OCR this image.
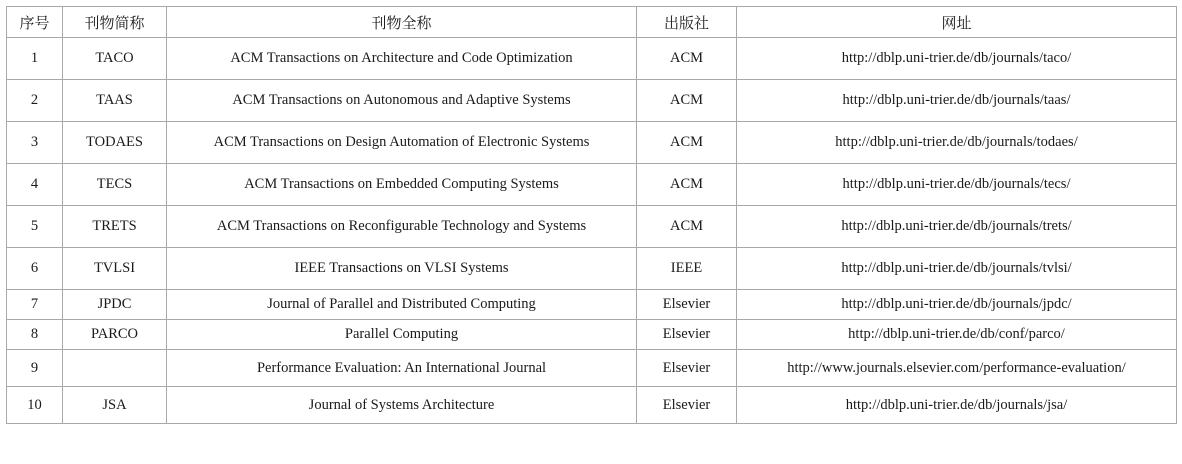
序号	刊物简称	刊物全称	出版社	网址
1	TACO	ACM Transactions on Architecture and Code Optimization	ACM	http://dblp.uni-trier.de/db/journals/taco/
2	TAAS	ACM Transactions on Autonomous and Adaptive Systems	ACM	http://dblp.uni-trier.de/db/journals/taas/
3	TODAES	ACM Transactions on Design Automation of Electronic Systems	ACM	http://dblp.uni-trier.de/db/journals/todaes/
4	TECS	ACM Transactions on Embedded Computing Systems	ACM	http://dblp.uni-trier.de/db/journals/tecs/
5	TRETS	ACM Transactions on Reconfigurable Technology and Systems	ACM	http://dblp.uni-trier.de/db/journals/trets/
6	TVLSI	IEEE Transactions on VLSI Systems	IEEE	http://dblp.uni-trier.de/db/journals/tvlsi/
7	JPDC	Journal of Parallel and Distributed Computing	Elsevier	http://dblp.uni-trier.de/db/journals/jpdc/
8	PARCO	Parallel Computing	Elsevier	http://dblp.uni-trier.de/db/conf/parco/
9		Performance Evaluation: An International Journal	Elsevier	http://www.journals.elsevier.com/performance-evaluation/
10	JSA	Journal of Systems Architecture	Elsevier	http://dblp.uni-trier.de/db/journals/jsa/
